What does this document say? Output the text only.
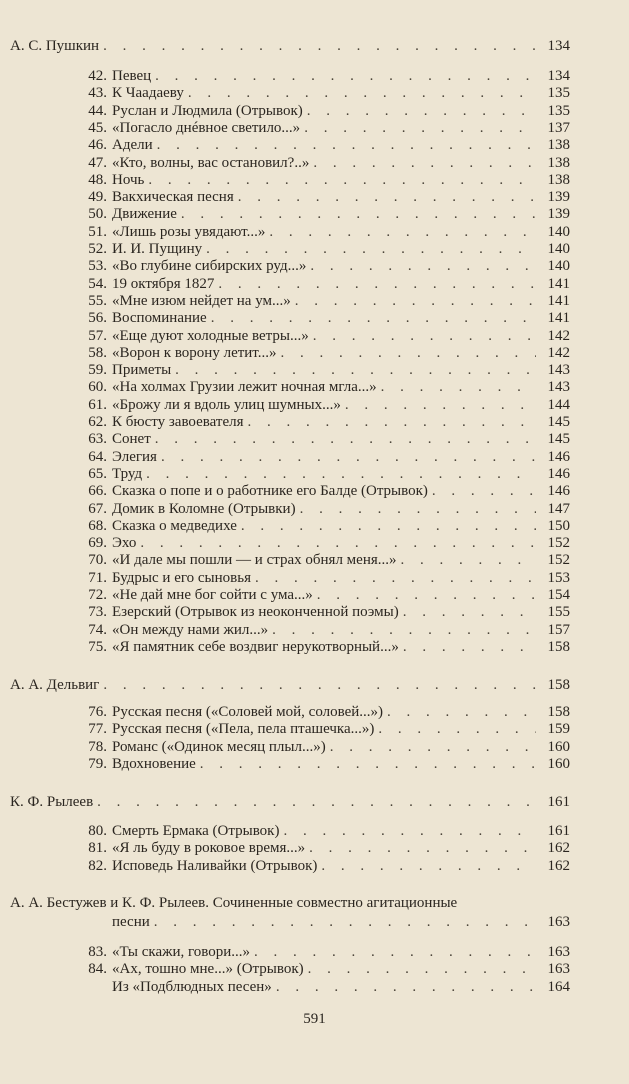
591
А. С. Пушкин . . .	134
42. Певец . . .	134
43. К Чаадаеву . . .	135
44. Руслан и Людмила (Отрывок) . . .	135
45. «Погасло днéвное светило...» . . .	137
46. Адели . . .	138
47. «Кто, волны, вас остановил?..» . . .	138
48. Ночь . . .	138
49. Вакхическая песня . . .	139
50. Движение . . .	139
51. «Лишь розы увядают...» . . .	140
52. И. И. Пущину . . .	140
53. «Во глубине сибирских руд...» . . .	140
54. 19 октября 1827 . . .	141
55. «Мне изюм нейдет на ум...» . . .	141
56. Воспоминание . . .	141
57. «Еще дуют холодные ветры...» . . .	142
58. «Ворон к ворону летит...» . . .	142
59. Приметы . . .	143
60. «На холмах Грузии лежит ночная мгла...» . . .	143
61. «Брожу ли я вдоль улиц шумных...» . . .	144
62. К бюсту завоевателя . . .	145
63. Сонет . . .	145
64. Элегия . . .	146
65. Труд . . .	146
66. Сказка о попе и о работнике его Балде (Отрывок) . . .	146
67. Домик в Коломне (Отрывки) . . .	147
68. Сказка о медведихе . . .	150
69. Эхо . . .	152
70. «И дале мы пошли — и страх обнял меня...» . . .	152
71. Будрыс и его сыновья . . .	153
72. «Не дай мне бог сойти с ума...» . . .	154
73. Езерский (Отрывок из неоконченной поэмы) . . .	155
74. «Он между нами жил...» . . .	157
75. «Я памятник себе воздвиг нерукотворный...» . . .	158
А. А. Дельвиг . . .	158
76. Русская песня («Соловей мой, соловей...») . . .	158
77. Русская песня («Пела, пела пташечка...») . . .	159
78. Романс («Одинок месяц плыл...») . . .	160
79. Вдохновение . . .	160
К. Ф. Рылеев . . .	161
80. Смерть Ермака (Отрывок) . . .	161
81. «Я ль буду в роковое время...» . . .	162
82. Исповедь Наливайки (Отрывок) . . .	162
А. А. Бестужев и К. Ф. Рылеев. Сочиненные совместно агитационные
песни . . .	163
83. «Ты скажи, говори...» . . .	163
84. «Ах, тошно мне...» (Отрывок) . . .	163
Из «Подблюдных песен» . . .	164
